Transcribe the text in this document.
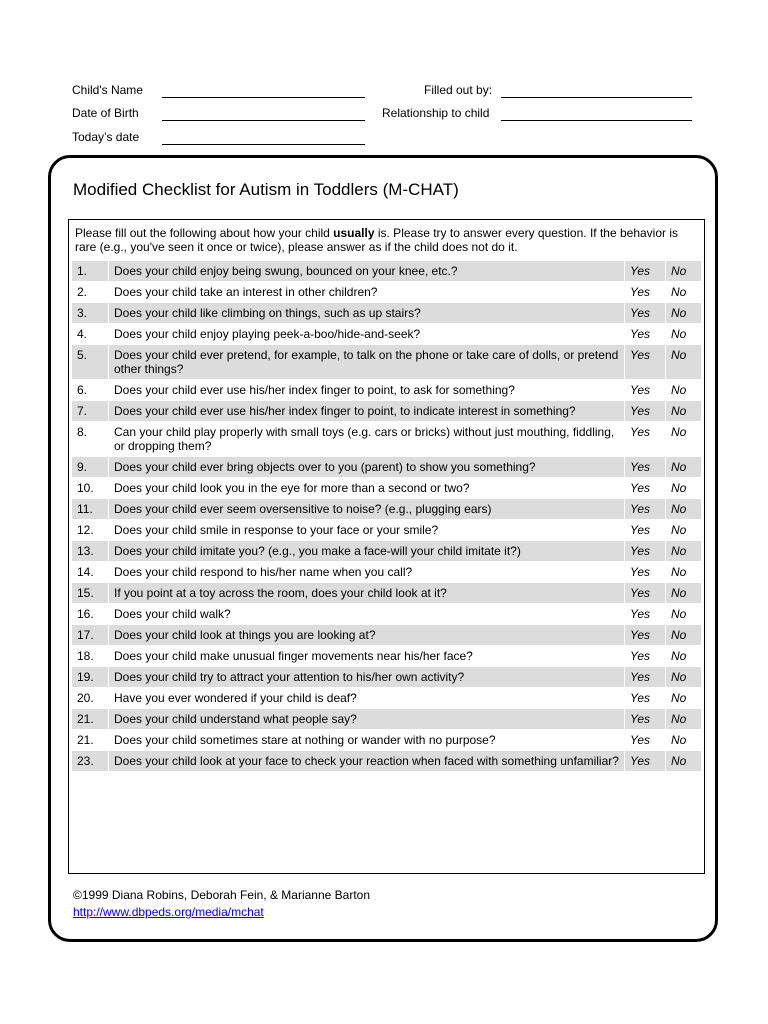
Child's Name
Date of Birth
Today’s date
Filled out by:
Relationship to child
Modified Checklist for Autism in Toddlers (M-CHAT)
Please fill out the following about how your child usually is. Please try to answer every question. If the behavior is rare (e.g., you've seen it once or twice), please answer as if the child does not do it.
1.	Does your child enjoy being swung, bounced on your knee, etc.?	Yes	No
2.	Does your child take an interest in other children?	Yes	No
3.	Does your child like climbing on things, such as up stairs?	Yes	No
4.	Does your child enjoy playing peek-a-boo/hide-and-seek?	Yes	No
5.	Does your child ever pretend, for example, to talk on the phone or take care of dolls, or pretend other things?	Yes	No
6.	Does your child ever use his/her index finger to point, to ask for something?	Yes	No
7.	Does your child ever use his/her index finger to point, to indicate interest in something?	Yes	No
8.	Can your child play properly with small toys (e.g. cars or bricks) without just mouthing, fiddling, or dropping them?	Yes	No
9.	Does your child ever bring objects over to you (parent) to show you something?	Yes	No
10.	Does your child look you in the eye for more than a second or two?	Yes	No
11.	Does your child ever seem oversensitive to noise? (e.g., plugging ears)	Yes	No
12.	Does your child smile in response to your face or your smile?	Yes	No
13.	Does your child imitate you? (e.g., you make a face-will your child imitate it?)	Yes	No
14.	Does your child respond to his/her name when you call?	Yes	No
15.	If you point at a toy across the room, does your child look at it?	Yes	No
16.	Does your child walk?	Yes	No
17.	Does your child look at things you are looking at?	Yes	No
18.	Does your child make unusual finger movements near his/her face?	Yes	No
19.	Does your child try to attract your attention to his/her own activity?	Yes	No
20.	Have you ever wondered if your child is deaf?	Yes	No
21.	Does your child understand what people say?	Yes	No
21.	Does your child sometimes stare at nothing or wander with no purpose?	Yes	No
23.	Does your child look at your face to check your reaction when faced with something unfamiliar?	Yes	No
©1999 Diana Robins, Deborah Fein, & Marianne Barton
http://www.dbpeds.org/media/mchat
